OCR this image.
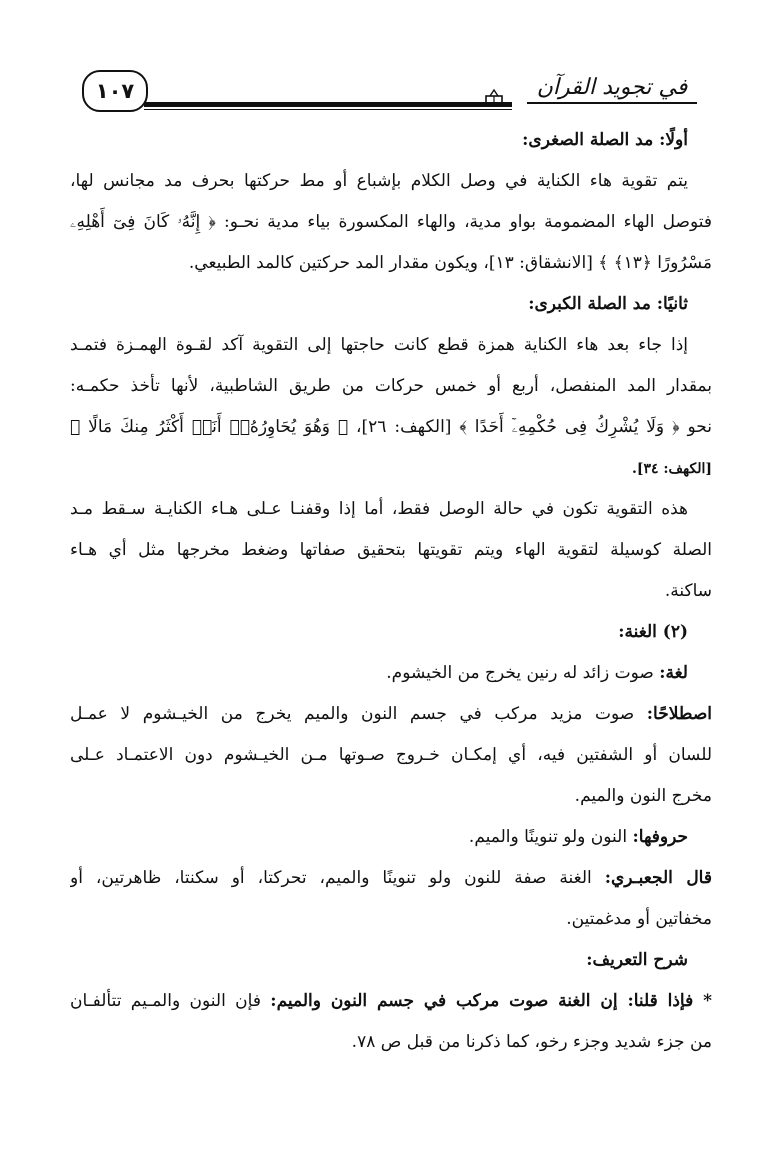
١٠٧	في تجويد القرآن
أولًا: مد الصلة الصغرى:
يتم تقوية هاء الكناية في وصل الكلام بإشباع أو مط حركتها بحرف مد مجانس لها،
فتوصل الهاء المضمومة بواو مدية، والهاء المكسورة بياء مدية نحـو: ﴿ إِنَّهُۥ كَانَ فِىٓ أَهْلِهِۦ
مَسْرُورًا ﴿١٣﴾ ﴾ [الانشقاق: ١٣]، ويكون مقدار المد حركتين كالمد الطبيعي.
ثانيًا: مد الصلة الكبرى:
إذا جاء بعد هاء الكناية همزة قطع كانت حاجتها إلى التقوية آكد لقـوة الهمـزة فتمـد
بمقدار المد المنفصل، أربع أو خمس حركات من طريق الشاطبية، لأنها تأخذ حكمـه:
نحو ﴿ وَلَا يُشْرِكُ فِى حُكْمِهِۦٓ أَحَدًا ﴾ [الكهف: ٢٦]، ﴿ وَهُوَ يُحَاوِرُهُۥٓ أَنَا۠ أَكْثَرُ مِنكَ مَالًا ﴾
[الكهف: ٣٤].
هذه التقوية تكون في حالة الوصل فقط، أما إذا وقفنـا عـلى هـاء الكنايـة سـقط مـد
الصلة كوسيلة لتقوية الهاء ويتم تقويتها بتحقيق صفاتها وضغط مخرجها مثل أي هـاء
ساكنة.
(٢) الغنة:
لغة: صوت زائد له رنين يخرج من الخيشوم.
اصطلاحًا: صوت مزيد مركب في جسم النون والميم يخرج من الخيـشوم لا عمـل
للسان أو الشفتين فيه، أي إمكـان خـروج صـوتها مـن الخيـشوم دون الاعتمـاد عـلى
مخرج النون والميم.
حروفها: النون ولو تنوينًا والميم.
قال الجعبـري: الغنة صفة للنون ولو تنوينًا والميم، تحركتا، أو سكنتا، ظاهرتين، أو
مخفاتين أو مدغمتين.
شرح التعريف:
* فإذا قلنا: إن الغنة صوت مركب في جسم النون والميم: فإن النون والمـيم تتألفـان
من جزء شديد وجزء رخو، كما ذكرنا من قبل ص ٧٨.
